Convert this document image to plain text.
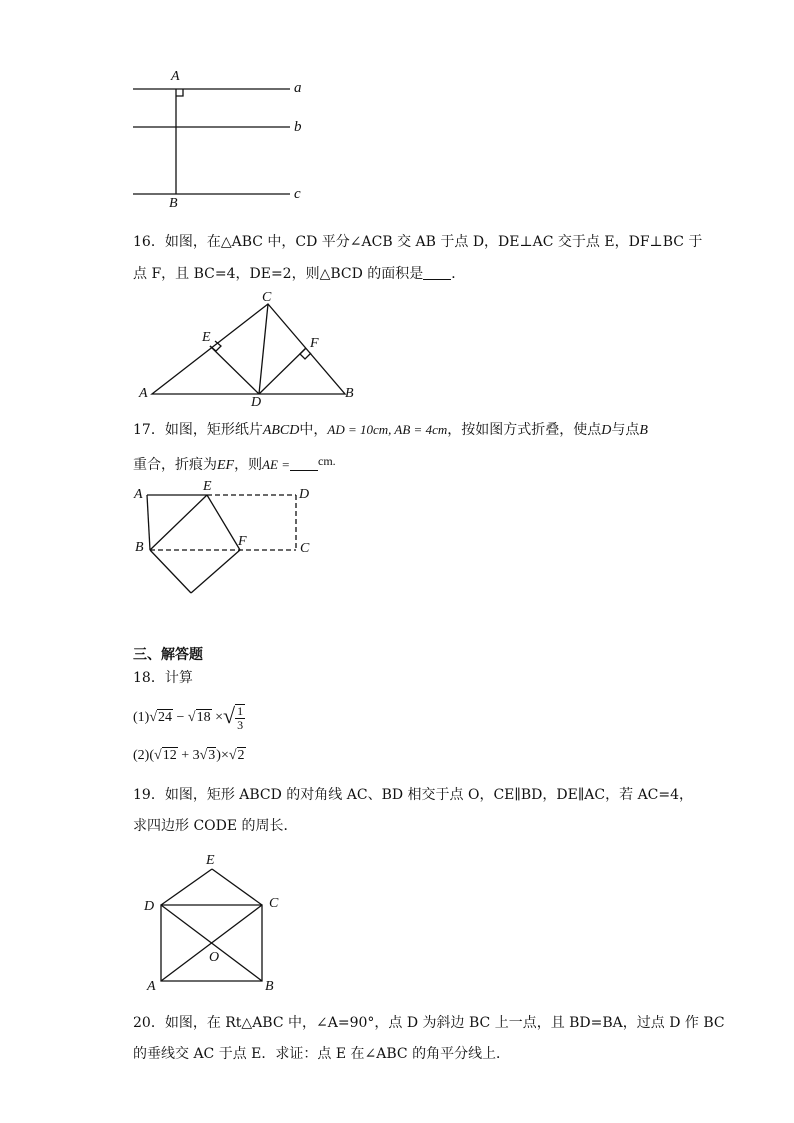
A
B
a
b
c
16．如图，在△ABC 中，CD 平分∠ACB 交 AB 于点 D，DE⊥AC 交于点 E，DF⊥BC 于
点 F，且 BC=4，DE=2，则△BCD 的面积是 ．
A	B
C
D
E	F
17．如图，矩形纸片ABCD中，AD = 10cm, AB = 4cm，按如图方式折叠，使点D与点B
重合，折痕为EF，则AE = cm.
A
E
D
B	F	C
三、解答题
18．计算
(1)√24 − √18 ×√ $\frac{1}{3}$
(2)(√12 + 3√3)×√2
19．如图，矩形 ABCD 的对角线 AC、BD 相交于点 O，CE∥BD，DE∥AC，若 AC=4，
求四边形 CODE 的周长．
E
D	C
O
A	B
20．如图，在 Rt△ABC 中，∠A=90°，点 D 为斜边 BC 上一点，且 BD=BA，过点 D 作 BC
的垂线交 AC 于点 E．求证：点 E 在∠ABC 的角平分线上．
